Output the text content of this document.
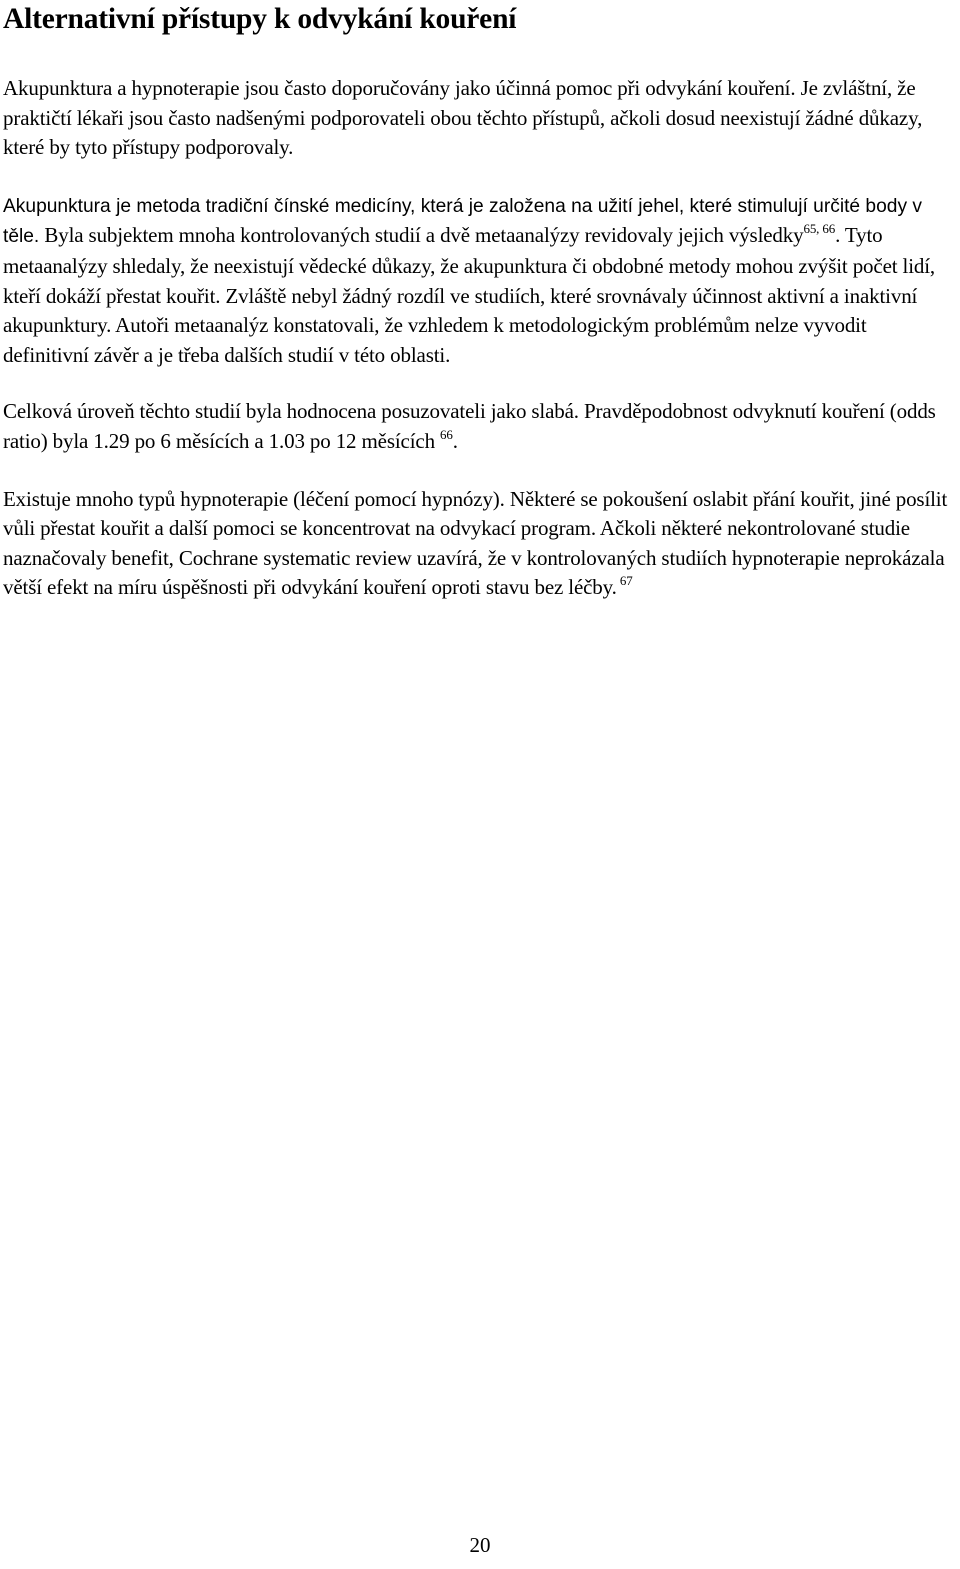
Alternativní přístupy k odvykání kouření

Akupunktura a hypnoterapie jsou často doporučovány jako účinná pomoc při odvykání kouření. Je zvláštní, že praktičtí lékaři jsou často nadšenými podporovateli obou těchto přístupů, ačkoli dosud neexistují žádné důkazy, které by tyto přístupy podporovaly.

Akupunktura je metoda tradiční čínské medicíny, která je založena na užití jehel, které stimulují určité body v těle. Byla subjektem mnoha kontrolovaných studií a dvě metaanalýzy revidovaly jejich výsledky$^{65, 66}$. Tyto metaanalýzy shledaly, že neexistují vědecké důkazy, že akupunktura či obdobné metody mohou zvýšit počet lidí, kteří dokáží přestat kouřit. Zvláště nebyl žádný rozdíl ve studiích, které srovnávaly účinnost aktivní a inaktivní akupunktury. Autoři metaanalýz konstatovali, že vzhledem k metodologickým problémům nelze vyvodit definitivní závěr a je třeba dalších studií v této oblasti.

Celková úroveň těchto studií byla hodnocena posuzovateli jako slabá. Pravděpodobnost odvyknutí kouření (odds ratio) byla 1.29 po 6 měsících a 1.03 po 12 měsících $^{66}$.

Existuje mnoho typů hypnoterapie (léčení pomocí hypnózy). Některé se pokoušení oslabit přání kouřit, jiné posílit vůli přestat kouřit a další pomoci se koncentrovat na odvykací program. Ačkoli některé nekontrolované studie naznačovaly benefit, Cochrane systematic review uzavírá, že v kontrolovaných studiích hypnoterapie neprokázala větší efekt na míru úspěšnosti při odvykání kouření oproti stavu bez léčby. $^{67}$

20
